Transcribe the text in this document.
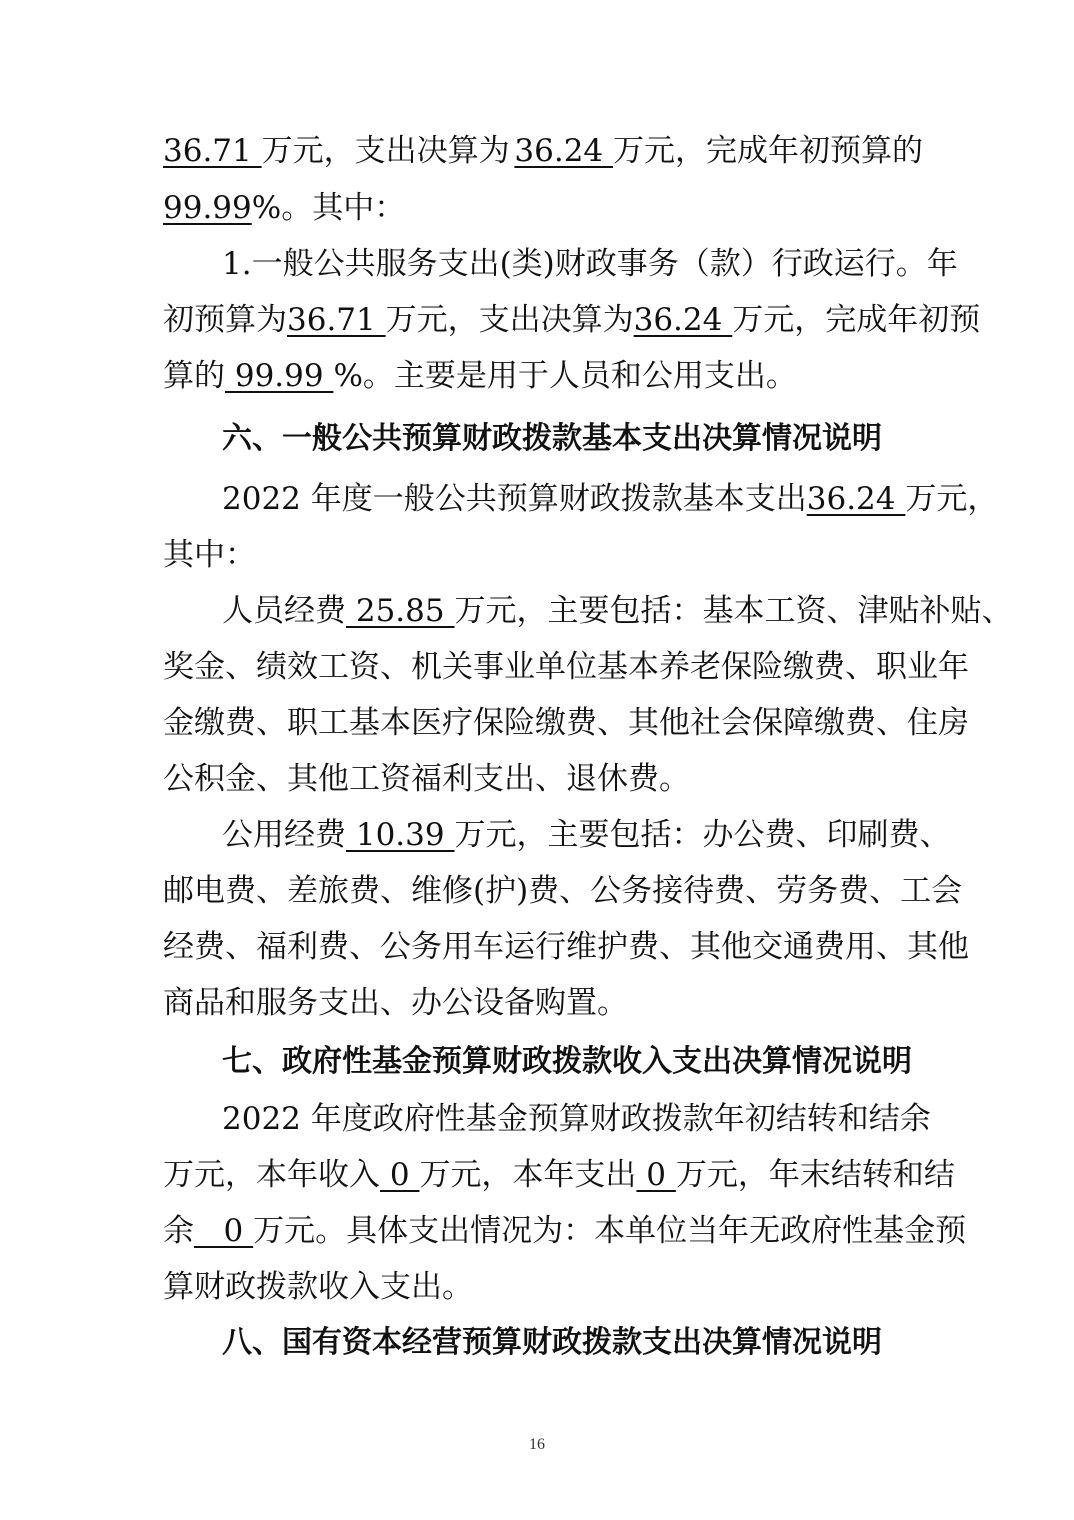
36.71 万元，支出决算为 36.24 万元，完成年初预算的
99.99%。其中：
1.一般公共服务支出(类)财政事务（款）行政运行。年
初预算为36.71 万元，支出决算为36.24 万元，完成年初预
算的 99.99 %。主要是用于人员和公用支出。
六、一般公共预算财政拨款基本支出决算情况说明
2022 年度一般公共预算财政拨款基本支出36.24 万元，
其中：
人员经费 25.85 万元，主要包括：基本工资、津贴补贴、
奖金、绩效工资、机关事业单位基本养老保险缴费、职业年
金缴费、职工基本医疗保险缴费、其他社会保障缴费、住房
公积金、其他工资福利支出、退休费。
公用经费 10.39 万元，主要包括：办公费、印刷费、
邮电费、差旅费、维修(护)费、公务接待费、劳务费、工会
经费、福利费、公务用车运行维护费、其他交通费用、其他
商品和服务支出、办公设备购置。
七、政府性基金预算财政拨款收入支出决算情况说明
2022 年度政府性基金预算财政拨款年初结转和结余
万元，本年收入 0 万元，本年支出 0 万元，年末结转和结
余   0 万元。具体支出情况为：本单位当年无政府性基金预
算财政拨款收入支出。
八、国有资本经营预算财政拨款支出决算情况说明
16
